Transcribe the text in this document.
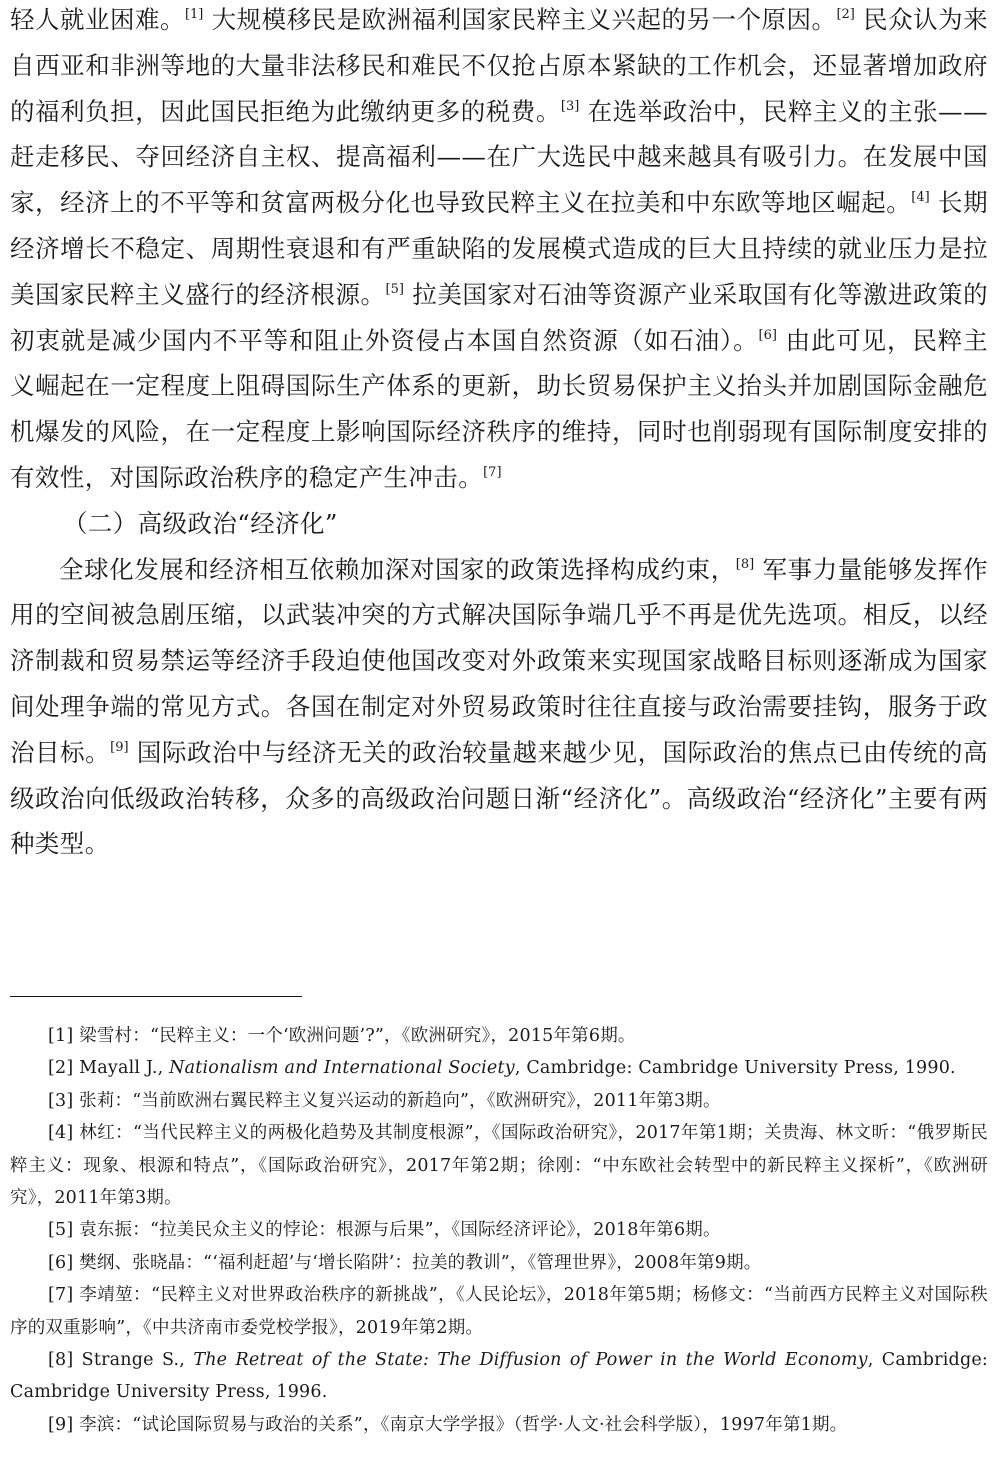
轻人就业困难。[1] 大规模移民是欧洲福利国家民粹主义兴起的另一个原因。[2] 民众认为来自西亚和非洲等地的大量非法移民和难民不仅抢占原本紧缺的工作机会，还显著增加政府的福利负担，因此国民拒绝为此缴纳更多的税费。[3] 在选举政治中，民粹主义的主张——赶走移民、夺回经济自主权、提高福利——在广大选民中越来越具有吸引力。在发展中国家，经济上的不平等和贫富两极分化也导致民粹主义在拉美和中东欧等地区崛起。[4] 长期经济增长不稳定、周期性衰退和有严重缺陷的发展模式造成的巨大且持续的就业压力是拉美国家民粹主义盛行的经济根源。[5] 拉美国家对石油等资源产业采取国有化等激进政策的初衷就是减少国内不平等和阻止外资侵占本国自然资源（如石油）。[6] 由此可见，民粹主义崛起在一定程度上阻碍国际生产体系的更新，助长贸易保护主义抬头并加剧国际金融危机爆发的风险，在一定程度上影响国际经济秩序的维持，同时也削弱现有国际制度安排的有效性，对国际政治秩序的稳定产生冲击。[7]

（二）高级政治“经济化”

全球化发展和经济相互依赖加深对国家的政策选择构成约束，[8] 军事力量能够发挥作用的空间被急剧压缩，以武装冲突的方式解决国际争端几乎不再是优先选项。相反，以经济制裁和贸易禁运等经济手段迫使他国改变对外政策来实现国家战略目标则逐渐成为国家间处理争端的常见方式。各国在制定对外贸易政策时往往直接与政治需要挂钩，服务于政治目标。[9] 国际政治中与经济无关的政治较量越来越少见，国际政治的焦点已由传统的高级政治向低级政治转移，众多的高级政治问题日渐“经济化”。高级政治“经济化”主要有两种类型。

[1] 梁雪村：“民粹主义：一个‘欧洲问题’?”，《欧洲研究》，2015年第6期。

[2] Mayall J., Nationalism and International Society, Cambridge: Cambridge University Press, 1990.

[3] 张莉：“当前欧洲右翼民粹主义复兴运动的新趋向”，《欧洲研究》，2011年第3期。

[4] 林红：“当代民粹主义的两极化趋势及其制度根源”，《国际政治研究》，2017年第1期；关贵海、林文昕：“俄罗斯民粹主义：现象、根源和特点”，《国际政治研究》，2017年第2期；徐刚：“中东欧社会转型中的新民粹主义探析”，《欧洲研究》，2011年第3期。

[5] 袁东振：“拉美民众主义的悖论：根源与后果”，《国际经济评论》，2018年第6期。

[6] 樊纲、张晓晶：“‘福利赶超’与‘增长陷阱’：拉美的教训”，《管理世界》，2008年第9期。

[7] 李靖堃：“民粹主义对世界政治秩序的新挑战”，《人民论坛》，2018年第5期；杨修文：“当前西方民粹主义对国际秩序的双重影响”，《中共济南市委党校学报》，2019年第2期。

[8] Strange S., The Retreat of the State: The Diffusion of Power in the World Economy, Cambridge: Cambridge University Press, 1996.

[9] 李滨：“试论国际贸易与政治的关系”，《南京大学学报》（哲学·人文·社会科学版），1997年第1期。
